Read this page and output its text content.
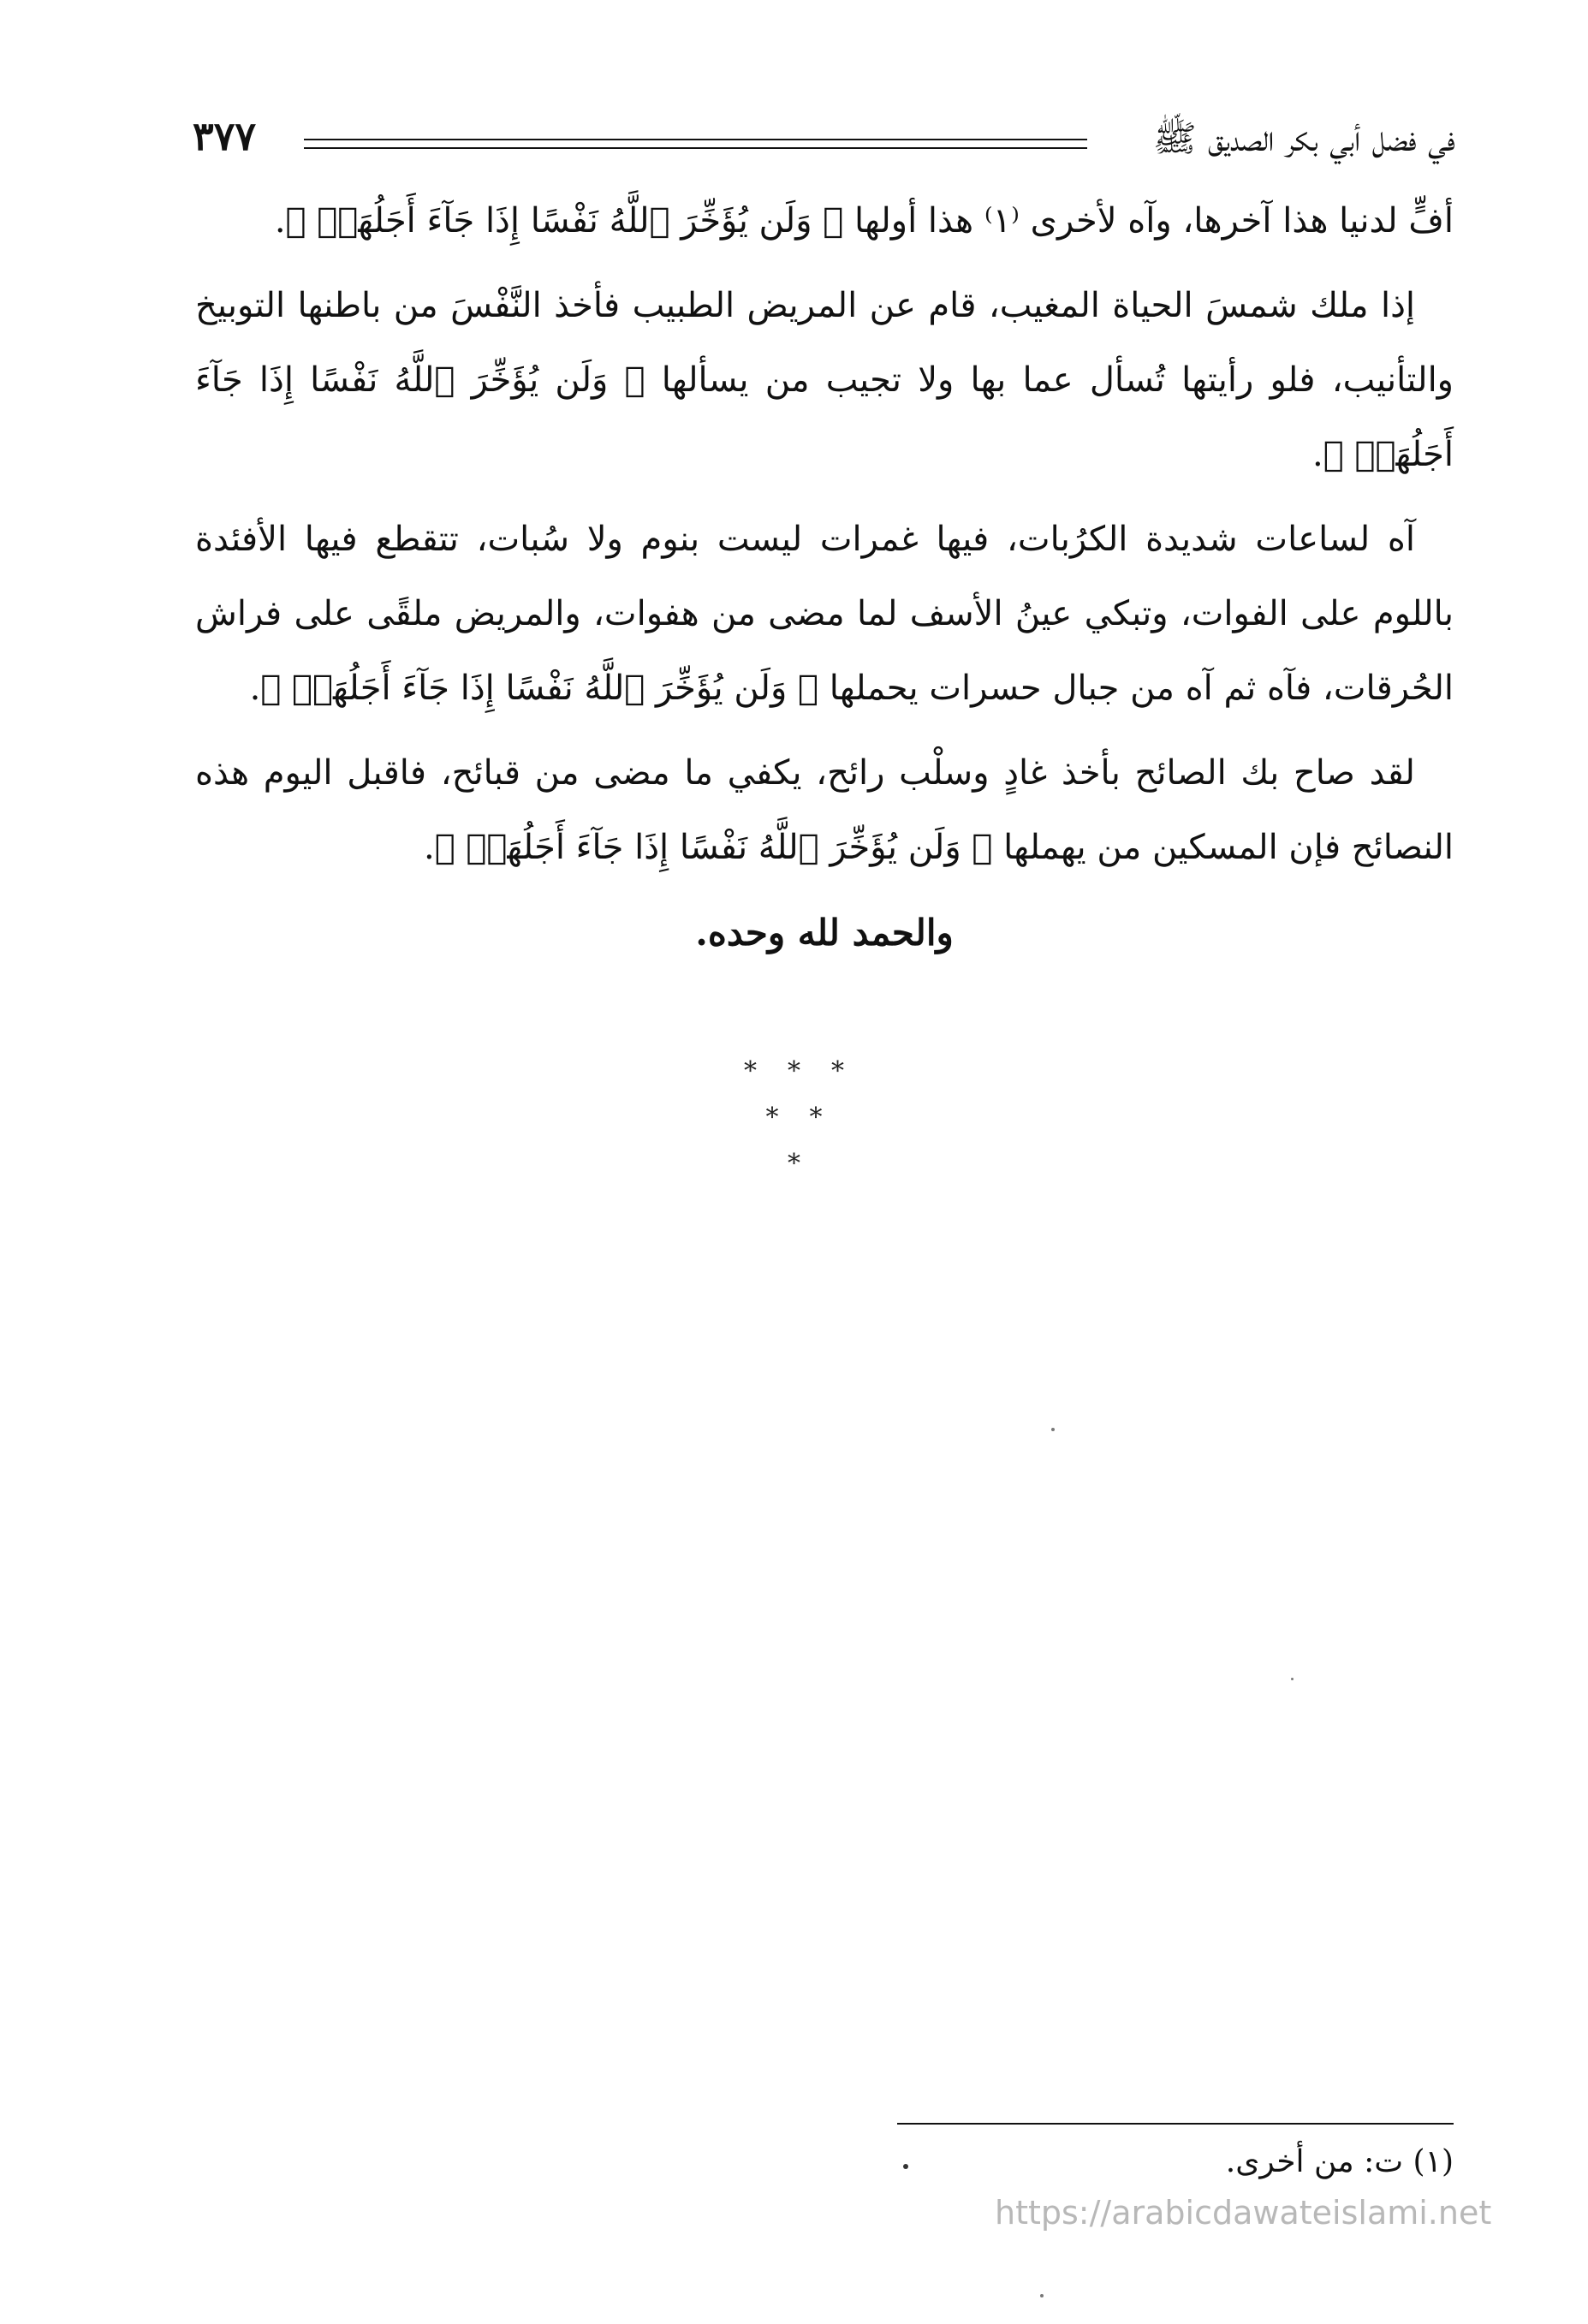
في فضل أبي بكر الصديق ﷺ
٣٧٧

أفٍّ لدنيا هذا آخرها، وآه لأخرى ⁽١⁾ هذا أولها ﴿ وَلَن يُؤَخِّرَ ٱللَّهُ نَفْسًا إِذَا جَآءَ أَجَلُهَاۚ ﴾.

إذا ملك شمسَ الحياة المغيب، قام عن المريض الطبيب فأخذ النَّفْسَ من باطنها التوبيخ والتأنيب، فلو رأيتها تُسأل عما بها ولا تجيب من يسألها ﴿ وَلَن يُؤَخِّرَ ٱللَّهُ نَفْسًا إِذَا جَآءَ أَجَلُهَاۚ ﴾.

آه لساعات شديدة الكرُبات، فيها غمرات ليست بنوم ولا سُبات، تتقطع فيها الأفئدة باللوم على الفوات، وتبكي عينُ الأسف لما مضى من هفوات، والمريض ملقًى على فراش الحُرقات، فآه ثم آه من جبال حسرات يحملها ﴿ وَلَن يُؤَخِّرَ ٱللَّهُ نَفْسًا إِذَا جَآءَ أَجَلُهَاۚ ﴾.

لقد صاح بك الصائح بأخذ غادٍ وسلْب رائح، يكفي ما مضى من قبائح، فاقبل اليوم هذه النصائح فإن المسكين من يهملها ﴿ وَلَن يُؤَخِّرَ ٱللَّهُ نَفْسًا إِذَا جَآءَ أَجَلُهَاۚ ﴾.

والحمد لله وحده.
***
**
*
(١) ت: من أخرى.
https://arabicdawateislami.net
